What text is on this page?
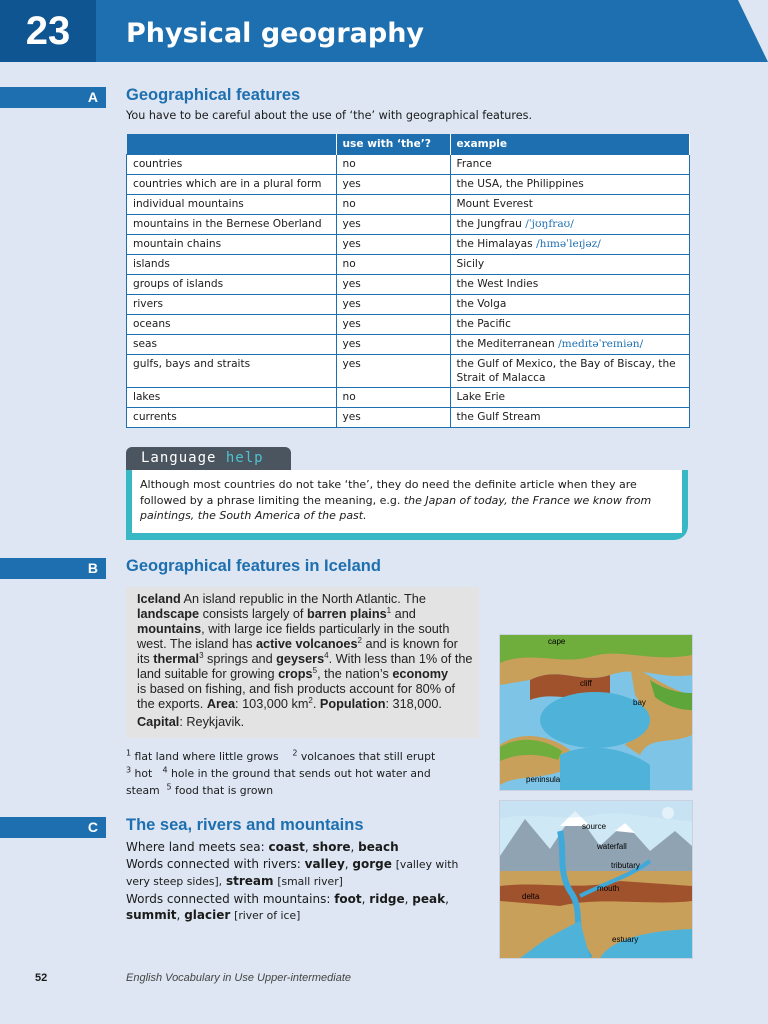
23	Physical geography
A	Geographical features
You have to be careful about the use of ‘the’ with geographical features.
	use with ‘the’?	example
countries	no	France
countries which are in a plural form	yes	the USA, the Philippines
individual mountains	no	Mount Everest
mountains in the Bernese Oberland	yes	the Jungfrau /ˈjʊŋfraʊ/
mountain chains	yes	the Himalayas /hɪməˈleɪjəz/
islands	no	Sicily
groups of islands	yes	the West Indies
rivers	yes	the Volga
oceans	yes	the Pacific
seas	yes	the Mediterranean /medɪtəˈreɪniən/
gulfs, bays and straits	yes	the Gulf of Mexico, the Bay of Biscay, the Strait of Malacca
lakes	no	Lake Erie
currents	yes	the Gulf Stream
Language help
Although most countries do not take ‘the’, they do need the definite article when they are followed by a phrase limiting the meaning, e.g. the Japan of today, the France we know from paintings, the South America of the past.
B	Geographical features in Iceland
Iceland An island republic in the North Atlantic. The landscape consists largely of barren plains$^1$ and
mountains, with large ice fields particularly in the south west. The island has active volcanoes$^2$ and is known for its thermal$^3$ springs and geysers$^4$. With less than 1% of the land suitable for growing crops$^5$, the nation’s economy
is based on fishing, and fish products account for 80% of the exports. Area: 103,000 $km^2$. Population: 318,000.
Capital: Reykjavik.
$^1$ flat land where little grows $^2$ volcanoes that still erupt
$^3$ hot $^4$ hole in the ground that sends out hot water and steam $^5$ food that is grown
cape
cliff
bay
peninsula
C	The sea, rivers and mountains
Where land meets sea: coast, shore, beach
Words connected with rivers: valley, gorge [valley with very steep sides], stream [small river]
Words connected with mountains: foot, ridge, peak, summit, glacier [river of ice]
source
waterfall
tributary
mouth
delta
estuary
52	English Vocabulary in Use Upper-intermediate
